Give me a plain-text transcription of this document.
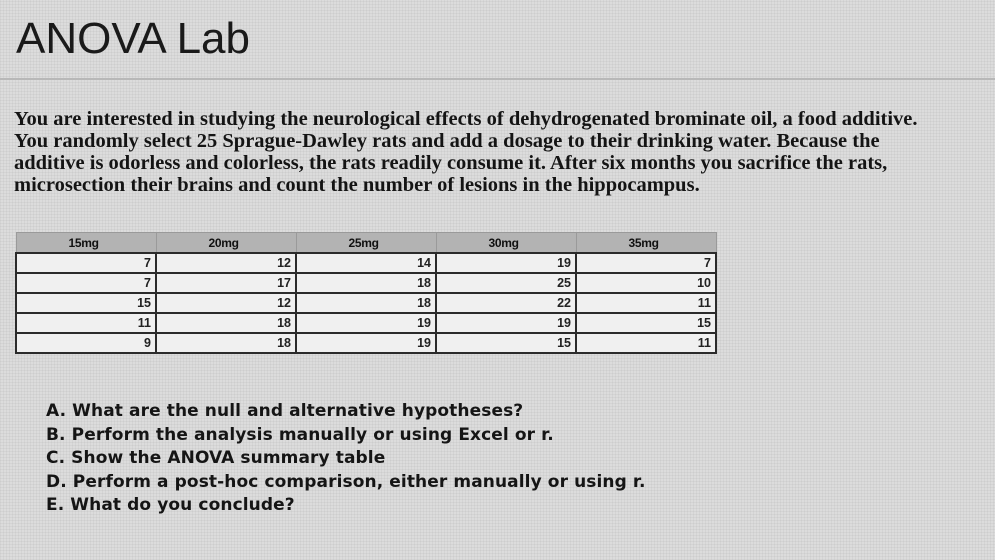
ANOVA Lab

You are interested in studying the neurological effects of dehydrogenated brominate oil, a food additive. You randomly select 25 Sprague-Dawley rats and add a dosage to their drinking water. Because the additive is odorless and colorless, the rats readily consume it. After six months you sacrifice the rats, microsection their brains and count the number of lesions in the hippocampus.

15mg	20mg	25mg	30mg	35mg
7	12	14	19	7
7	17	18	25	10
15	12	18	22	11
11	18	19	19	15
9	18	19	15	11
A. What are the null and alternative hypotheses?
B. Perform the analysis manually or using Excel or r.
C. Show the ANOVA summary table
D. Perform a post-hoc comparison, either manually or using r.
E. What do you conclude?
